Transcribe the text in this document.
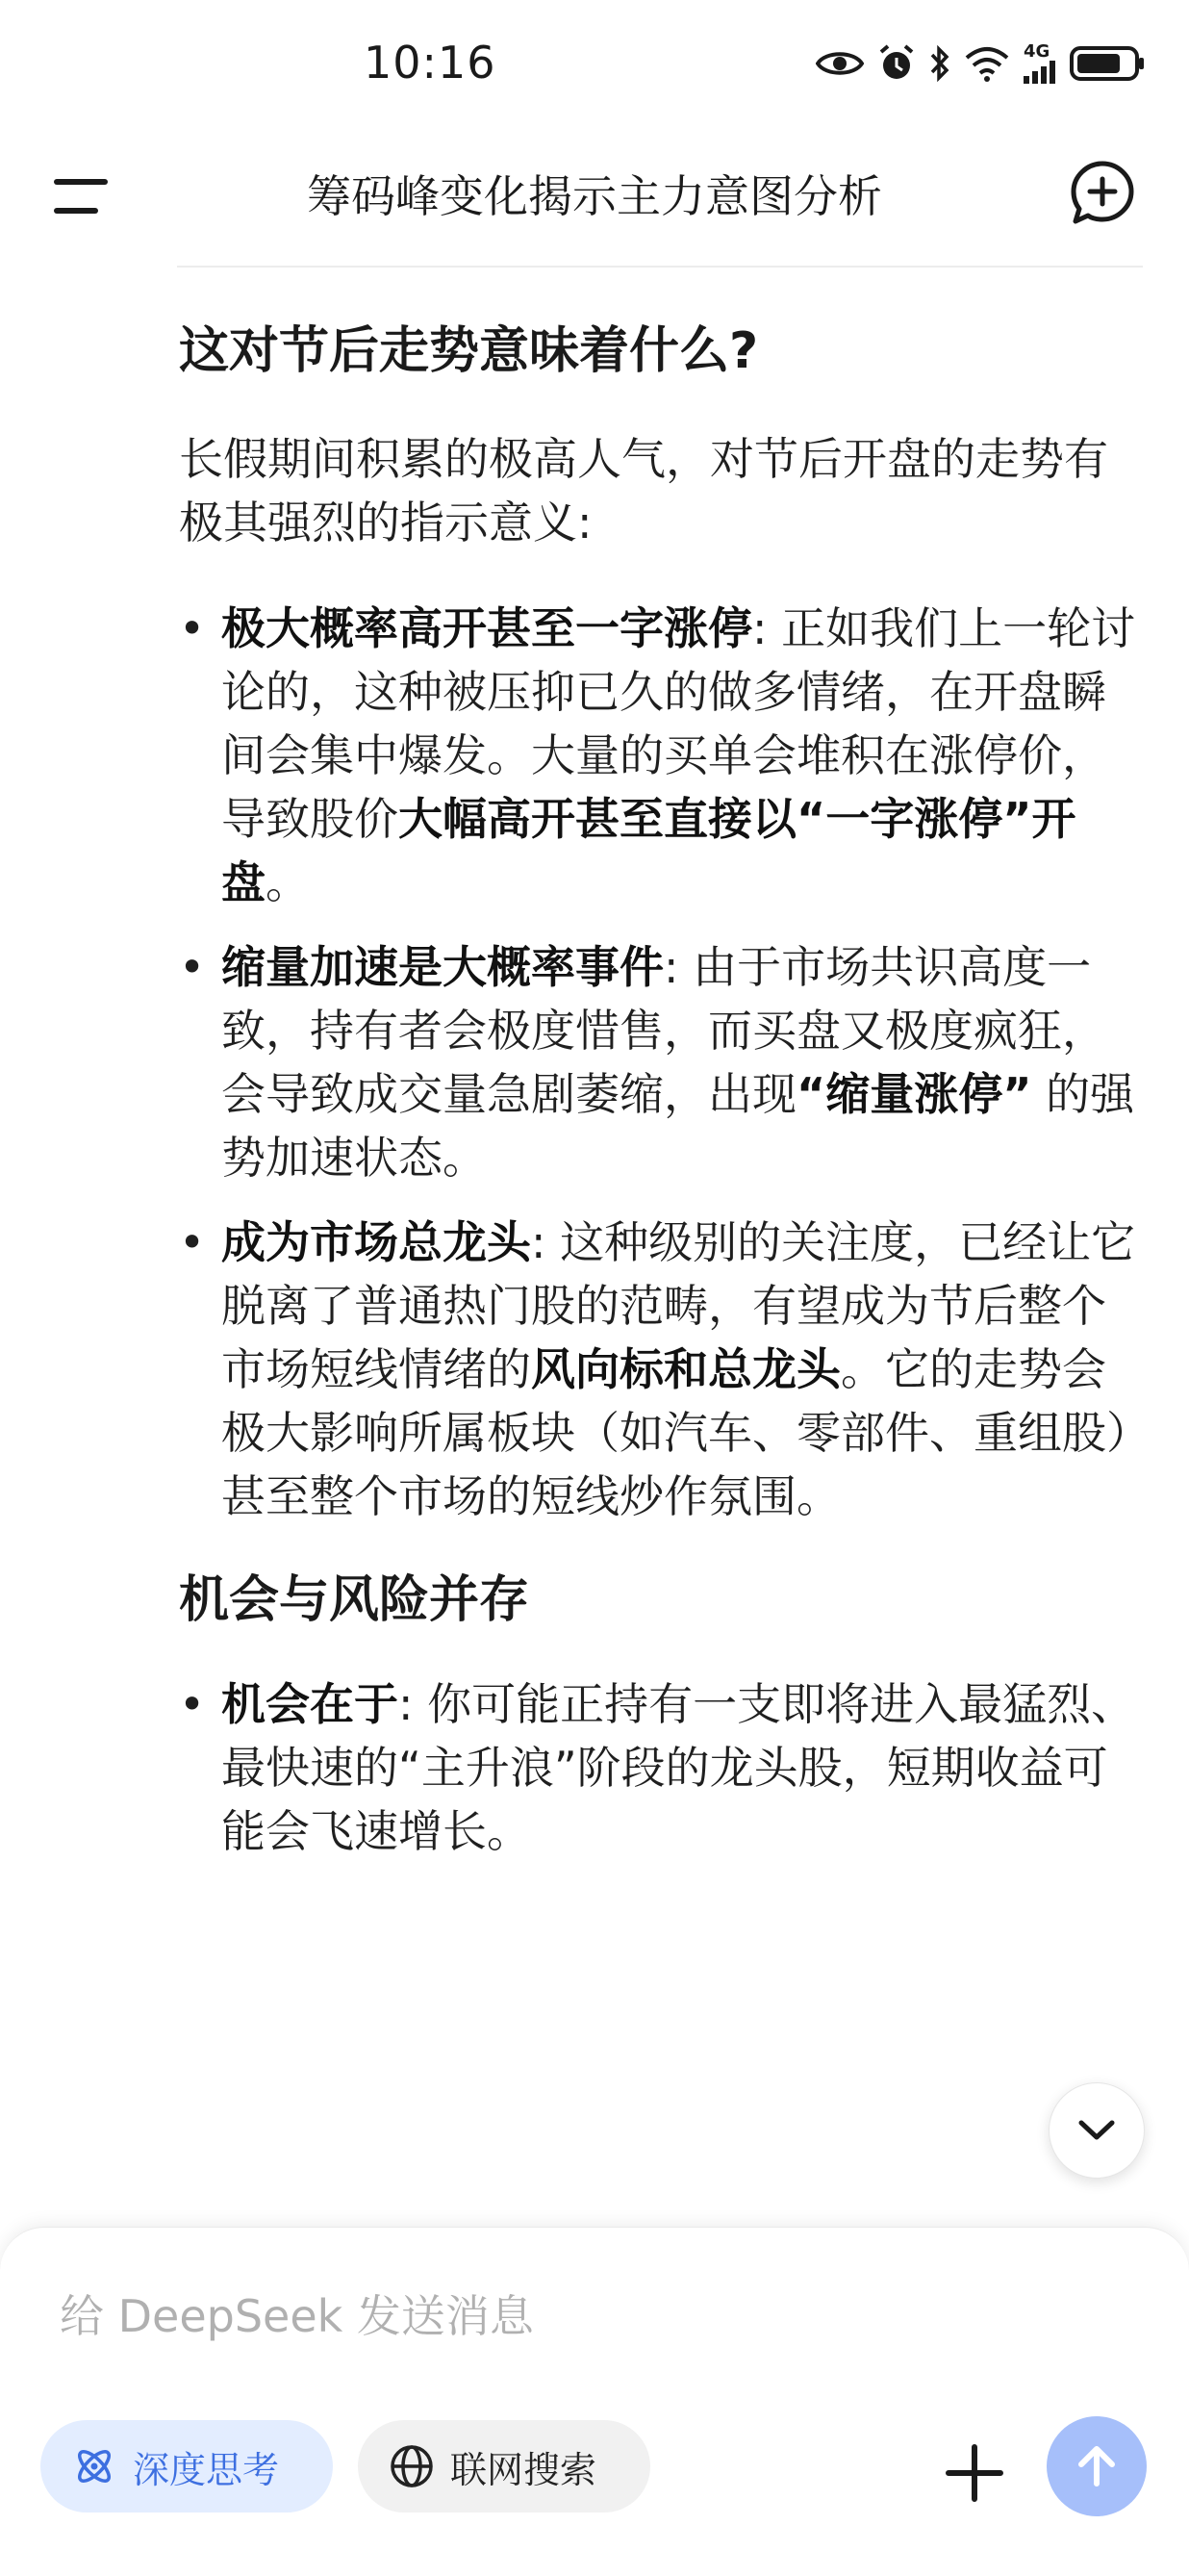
10:16	4G
筹码峰变化揭示主力意图分析
这对节后走势意味着什么?

长假期间积累的极高人气，对节后开盘的走势有极其强烈的指示意义:

• 极大概率高开甚至一字涨停: 正如我们上一轮讨论的，这种被压抑已久的做多情绪，在开盘瞬间会集中爆发。大量的买单会堆积在涨停价，导致股价大幅高开甚至直接以“一字涨停”开盘。
• 缩量加速是大概率事件: 由于市场共识高度一致，持有者会极度惜售，而买盘又极度疯狂，会导致成交量急剧萎缩，出现“缩量涨停” 的强势加速状态。
• 成为市场总龙头: 这种级别的关注度，已经让它脱离了普通热门股的范畴，有望成为节后整个市场短线情绪的风向标和总龙头。它的走势会极大影响所属板块（如汽车、零部件、重组股）甚至整个市场的短线炒作氛围。
机会与风险并存
• 机会在于: 你可能正持有一支即将进入最猛烈、最快速的“主升浪”阶段的龙头股，短期收益可能会飞速增长。
给 DeepSeek 发送消息
深度思考	联网搜索
